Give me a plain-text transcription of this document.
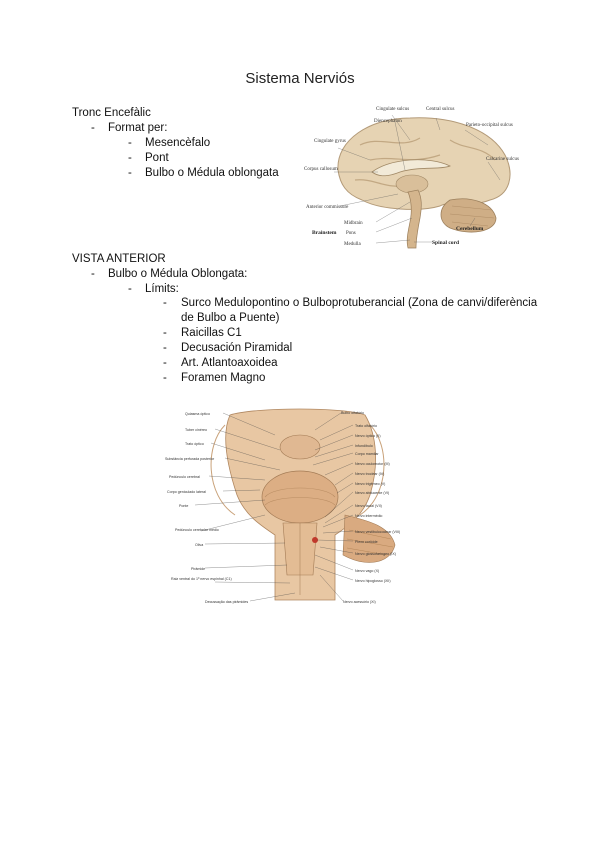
Sistema Nerviós
Tronc Encefàlic
- Format per:
- Mesencèfalo
- Pont
- Bulbo o Médula oblongata
Diencephalon
Cingulate sulcus	Central sulcus
Parieto-occipital sulcus
Cingulate gyrus
Corpus callosum
Calcarine sulcus
Anterior commissure
Midbrain
Pons
Medulla
Brainstem
Cerebellum
Spinal cord
VISTA ANTERIOR
- Bulbo o Médula Oblongata:
- Límits:
- Surco Medulopontino o Bulboprotuberancial (Zona de canvi/diferència
de Bulbo a Puente)
- Raicillas C1
- Decusación Piramidal
- Art. Atlantoaxoidea
- Foramen Magno
Quiasma óptico
Tuber cinéreo
Trato óptico
Substância perfurada posterior
Pedúnculo cerebral
Corpo geniculado lateral
Ponte
Pedúnculo cerebelar médio
Oliva
Pirâmide
Raiz ventral do 1º nervo espinhal (C1)
Decussação das pirâmides
Bulbo olfatório
Trato olfatório
Nervo óptico (II)
Infundíbulo
Corpo mamilar
Nervo oculomotor (III)
Nervo troclear (IV)
Nervo trigêmeo (V)
Nervo abducente (VI)
Nervo facial (VII)
Nervo intermédio
Nervo vestibulococlear (VIII)
Plexo corióide
Nervo glossofaríngeo (IX)
Nervo vago (X)
Nervo hipoglosso (XII)
Nervo acessório (XI)
